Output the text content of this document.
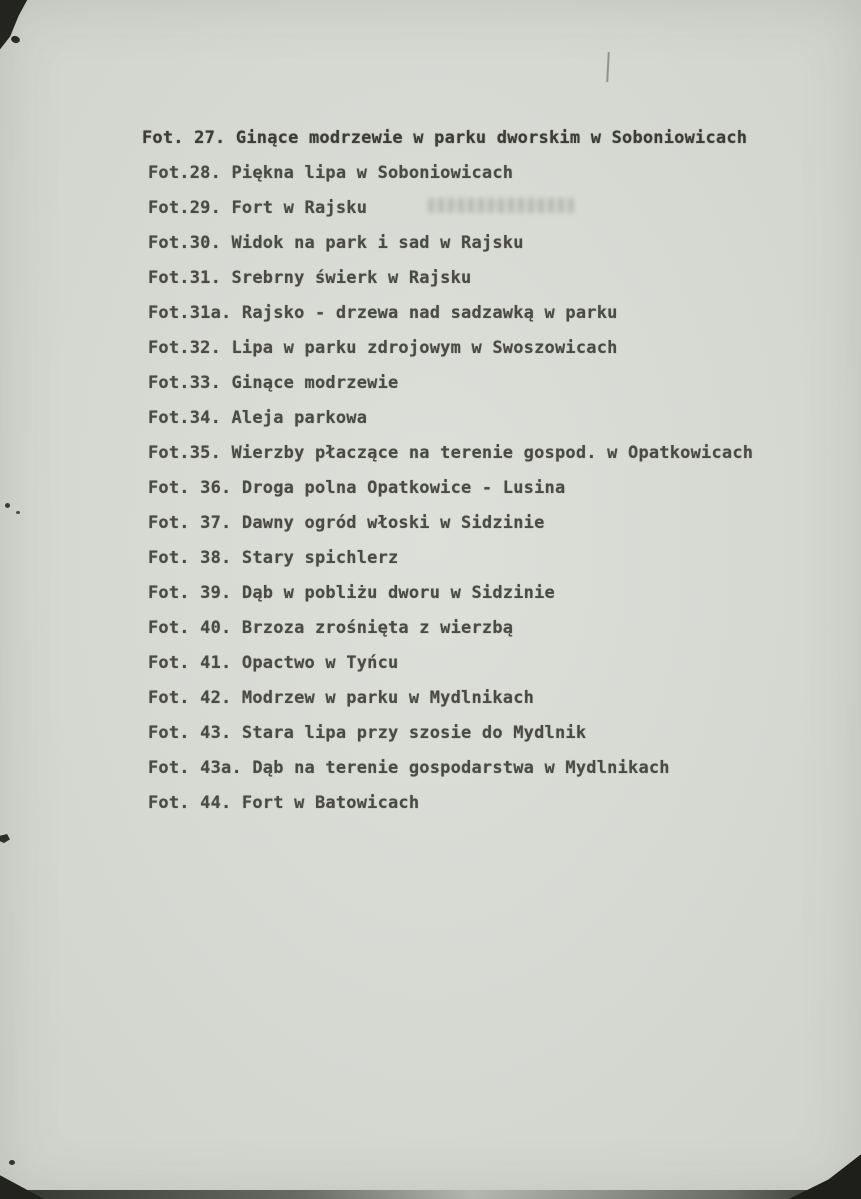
Fot. 27. Ginące modrzewie w parku dworskim w Soboniowicach
Fot.28. Piękna lipa w Soboniowicach
Fot.29. Fort w Rajsku
Fot.30. Widok na park i sad w Rajsku
Fot.31. Srebrny świerk w Rajsku
Fot.31a. Rajsko - drzewa nad sadzawką w parku
Fot.32. Lipa w parku zdrojowym w Swoszowicach
Fot.33. Ginące modrzewie
Fot.34. Aleja parkowa
Fot.35. Wierzby płaczące na terenie gospod. w Opatkowicach
Fot. 36. Droga polna Opatkowice - Lusina
Fot. 37. Dawny ogród włoski w Sidzinie
Fot. 38. Stary spichlerz
Fot. 39. Dąb w pobliżu dworu w Sidzinie
Fot. 40. Brzoza zrośnięta z wierzbą
Fot. 41. Opactwo w Tyńcu
Fot. 42. Modrzew w parku w Mydlnikach
Fot. 43. Stara lipa przy szosie do Mydlnik
Fot. 43a. Dąb na terenie gospodarstwa w Mydlnikach
Fot. 44. Fort w Batowicach
